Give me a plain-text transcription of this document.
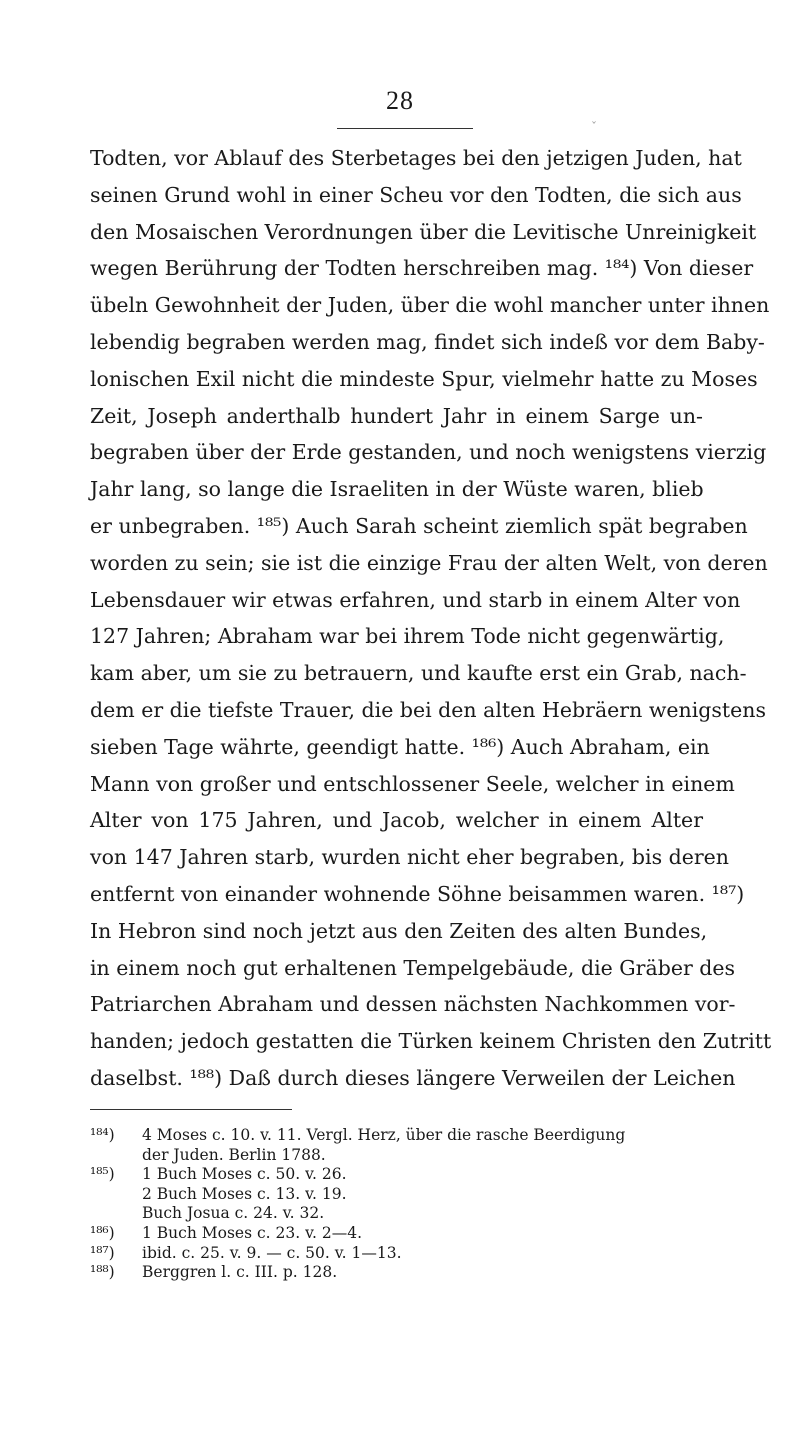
28
ˇ
Todten, vor Ablauf des Sterbetages bei den jetzigen Juden, hat
seinen Grund wohl in einer Scheu vor den Todten, die sich aus
den Mosaischen Verordnungen über die Levitische Unreinigkeit
wegen Berührung der Todten herschreiben mag. ¹⁸⁴) Von dieser
übeln Gewohnheit der Juden, über die wohl mancher unter ihnen
lebendig begraben werden mag, findet sich indeß vor dem Baby-
lonischen Exil nicht die mindeste Spur, vielmehr hatte zu Moses
Zeit, Joseph anderthalb hundert Jahr in einem Sarge un-
begraben über der Erde gestanden, und noch wenigstens vierzig
Jahr lang, so lange die Israeliten in der Wüste waren, blieb
er unbegraben. ¹⁸⁵) Auch Sarah scheint ziemlich spät begraben
worden zu sein; sie ist die einzige Frau der alten Welt, von deren
Lebensdauer wir etwas erfahren, und starb in einem Alter von
127 Jahren; Abraham war bei ihrem Tode nicht gegenwärtig,
kam aber, um sie zu betrauern, und kaufte erst ein Grab, nach-
dem er die tiefste Trauer, die bei den alten Hebräern wenigstens
sieben Tage währte, geendigt hatte. ¹⁸⁶) Auch Abraham, ein
Mann von großer und entschlossener Seele, welcher in einem
Alter von 175 Jahren, und Jacob, welcher in einem Alter
von 147 Jahren starb, wurden nicht eher begraben, bis deren
entfernt von einander wohnende Söhne beisammen waren. ¹⁸⁷)
In Hebron sind noch jetzt aus den Zeiten des alten Bundes,
in einem noch gut erhaltenen Tempelgebäude, die Gräber des
Patriarchen Abraham und dessen nächsten Nachkommen vor-
handen; jedoch gestatten die Türken keinem Christen den Zutritt
daselbst. ¹⁸⁸) Daß durch dieses längere Verweilen der Leichen
¹⁸⁴) 4 Moses c. 10. v. 11. Vergl. Herz, über die rasche Beerdigung
der Juden. Berlin 1788.
¹⁸⁵) 1 Buch Moses c. 50. v. 26.
2 Buch Moses c. 13. v. 19.
Buch Josua c. 24. v. 32.
¹⁸⁶) 1 Buch Moses c. 23. v. 2—4.
¹⁸⁷) ibid. c. 25. v. 9. — c. 50. v. 1—13.
¹⁸⁸) Berggren l. c. III. p. 128.
